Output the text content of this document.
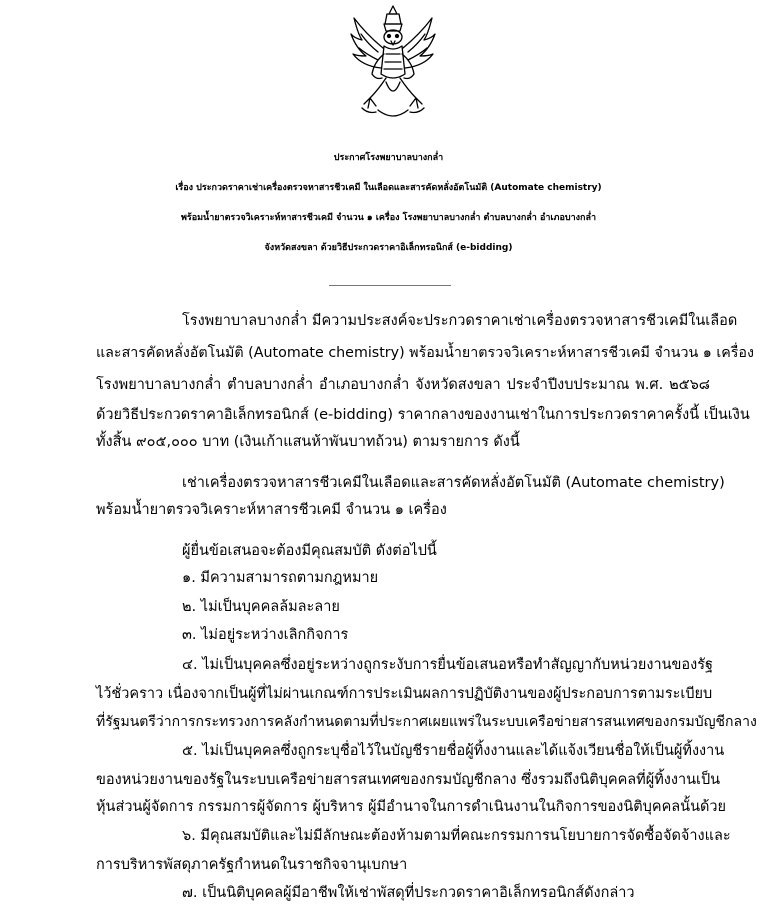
ประกาศโรงพยาบาลบางกล่ำ
เรื่อง ประกวดราคาเช่าเครื่องตรวจหาสารชีวเคมี ในเลือดและสารคัดหลั่งอัตโนมัติ (Automate chemistry)
พร้อมน้ำยาตรวจวิเคราะห์หาสารชีวเคมี จำนวน ๑ เครื่อง โรงพยาบาลบางกล่ำ ตำบลบางกล่ำ อำเภอบางกล่ำ
จังหวัดสงขลา ด้วยวิธีประกวดราคาอิเล็กทรอนิกส์ (e-bidding)
โรงพยาบาลบางกล่ำ มีความประสงค์จะประกวดราคาเช่าเครื่องตรวจหาสารชีวเคมีในเลือด
และสารคัดหลั่งอัตโนมัติ (Automate chemistry) พร้อมน้ำยาตรวจวิเคราะห์หาสารชีวเคมี จำนวน ๑ เครื่อง
โรงพยาบาลบางกล่ำ ตำบลบางกล่ำ อำเภอบางกล่ำ จังหวัดสงขลา ประจำปีงบประมาณ พ.ศ. ๒๕๖๘
ด้วยวิธีประกวดราคาอิเล็กทรอนิกส์ (e-bidding) ราคากลางของงานเช่าในการประกวดราคาครั้งนี้ เป็นเงิน
ทั้งสิ้น ๙๐๕,๐๐๐ บาท (เงินเก้าแสนห้าพันบาทถ้วน) ตามรายการ ดังนี้
เช่าเครื่องตรวจหาสารชีวเคมีในเลือดและสารคัดหลั่งอัตโนมัติ (Automate chemistry)
พร้อมน้ำยาตรวจวิเคราะห์หาสารชีวเคมี จำนวน ๑ เครื่อง
ผู้ยื่นข้อเสนอจะต้องมีคุณสมบัติ ดังต่อไปนี้
๑. มีความสามารถตามกฎหมาย
๒. ไม่เป็นบุคคลล้มละลาย
๓. ไม่อยู่ระหว่างเลิกกิจการ
๔. ไม่เป็นบุคคลซึ่งอยู่ระหว่างถูกระงับการยื่นข้อเสนอหรือทำสัญญากับหน่วยงานของรัฐ
ไว้ชั่วคราว เนื่องจากเป็นผู้ที่ไม่ผ่านเกณฑ์การประเมินผลการปฏิบัติงานของผู้ประกอบการตามระเบียบ
ที่รัฐมนตรีว่าการกระทรวงการคลังกำหนดตามที่ประกาศเผยแพร่ในระบบเครือข่ายสารสนเทศของกรมบัญชีกลาง
๕. ไม่เป็นบุคคลซึ่งถูกระบุชื่อไว้ในบัญชีรายชื่อผู้ทิ้งงานและได้แจ้งเวียนชื่อให้เป็นผู้ทิ้งงาน
ของหน่วยงานของรัฐในระบบเครือข่ายสารสนเทศของกรมบัญชีกลาง ซึ่งรวมถึงนิติบุคคลที่ผู้ทิ้งงานเป็น
หุ้นส่วนผู้จัดการ กรรมการผู้จัดการ ผู้บริหาร ผู้มีอำนาจในการดำเนินงานในกิจการของนิติบุคคลนั้นด้วย
๖. มีคุณสมบัติและไม่มีลักษณะต้องห้ามตามที่คณะกรรมการนโยบายการจัดซื้อจัดจ้างและ
การบริหารพัสดุภาครัฐกำหนดในราชกิจจานุเบกษา
๗. เป็นนิติบุคคลผู้มีอาชีพให้เช่าพัสดุที่ประกวดราคาอิเล็กทรอนิกส์ดังกล่าว
